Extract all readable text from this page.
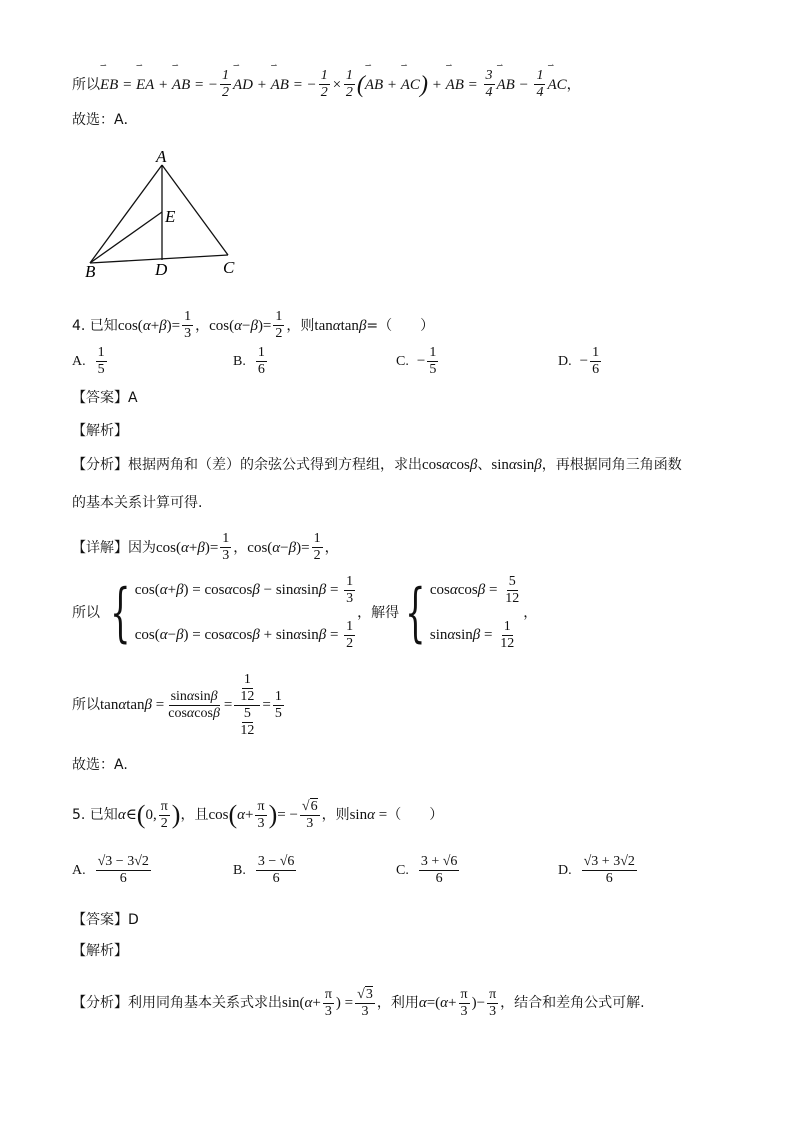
所以 EB
⇀
= EA
⇀
+ AB
⇀
= − $\frac{1}{2}$ AD
⇀
+ AB
⇀
= − $\frac{1}{2} \times \frac{1}{2}$ ( AB
⇀
+ AC
⇀
) + AB
⇀
= $\frac{3}{4}$ AB
⇀
− $\frac{1}{4}$ AC
⇀
，
故选：A．
A
E
B	D	C
4. 已知 $\cos(\alpha+\beta)= \frac{1}{3}$ ， $\cos(\alpha-\beta)= \frac{1}{2}$ ，则 tanαtanβ =（　　）
A. $\frac{1}{5}$	B. $\frac{1}{6}$	C. − $\frac{1}{5}$	D. − $\frac{1}{6}$
【答案】 A
【解析】
【分析】 根据两角和（差）的余弦公式得到方程组，求出 cosαcosβ 、 sinαsinβ ，再根据同角三角函数
的基本关系计算可得.
【详解】 因为 $\cos(\alpha+\beta)= \frac{1}{3}$ ， $\cos(\alpha-\beta)= \frac{1}{2}$ ，
所以 { $\cos(\alpha+\beta) = \cos\alpha\cos\beta - \sin\alpha\sin\beta = \frac{1}{3}$
$\cos(\alpha-\beta) = \cos\alpha\cos\beta + \sin\alpha\sin\beta = \frac{1}{2}$
，解得 { $\cos\alpha\cos\beta = \frac{5}{12}$
$\sin\alpha\sin\beta = \frac{1}{12}$
，
所以 $\tan\alpha\tan\beta = \frac{\sin\alpha\sin\beta}{\cos\alpha\cos\beta} = \frac{\frac{1}{12}}{\frac{5}{12}} = \frac{1}{5}$
故选：A.
5. 已知 α∈ ( 0, $\frac{\pi}{2}$ ) ，且 cos ( $\alpha + \frac{\pi}{3}$ ) = − $\frac{√6}{3}$ ，则 sinα = （　　）
A. $\frac{√3 - 3√2}{6}$	B. $\frac{3 - √6}{6}$	C. $\frac{3 + √6}{6}$	D. $\frac{√3 + 3√2}{6}$
【答案】 D
【解析】
【分析】 利用同角基本关系式求出 $\sin(\alpha+ \frac{\pi}{3}$ ) = $\frac{√3}{3}$ ，利用 $\alpha=(\alpha+ \frac{\pi}{3}$ )− $\frac{\pi}{3}$ ，结合和差角公式可解.
